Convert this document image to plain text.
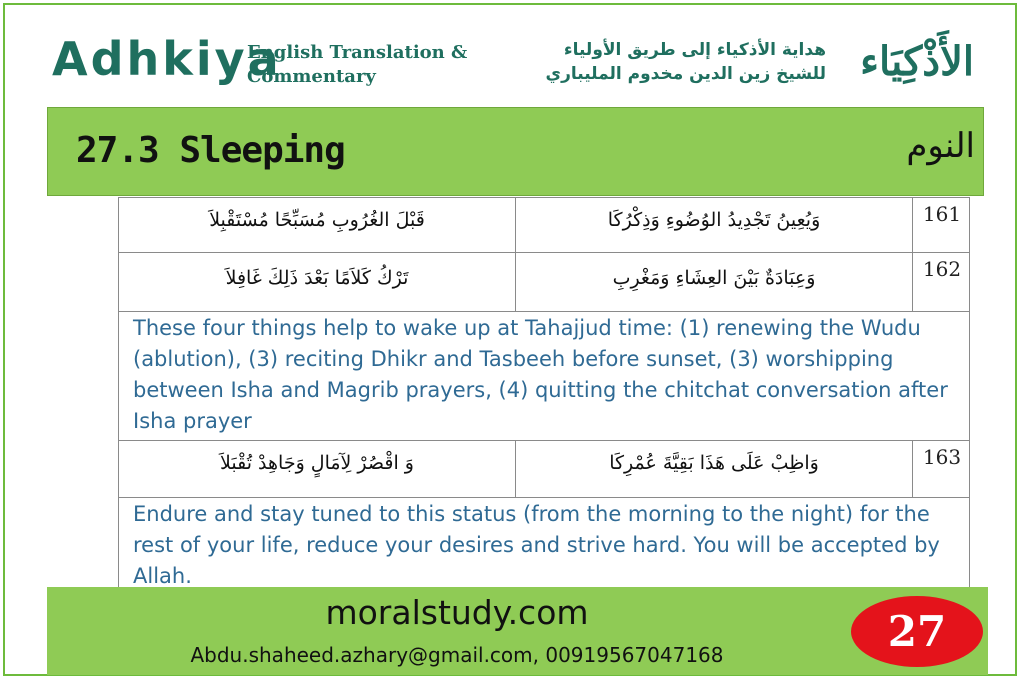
Adhkiya
English Translation &
Commentary
هداية الأذكياء إلى طريق الأولياء
للشيخ زين الدين مخدوم المليباري الأَذْكِيَاء
27.3 Sleeping	النوم
قَبْلَ الغُرُوبِ مُسَبِّحًا مُسْتَقْبِلاَ	وَيُعِينُ تَجْدِيدُ الوُضُوءِ وَذِكْرُكَا	161
تَرْكُ كَلاَمًا بَعْدَ ذَلِكَ غَافِلاَ	وَعِبَادَةٌ بَيْنَ العِشَاءِ وَمَغْرِبِ	162
These four things help to wake up at Tahajjud time: (1) renewing the Wudu (ablution), (3) reciting Dhikr and Tasbeeh before sunset, (3) worshipping between Isha and Magrib prayers, (4) quitting the chitchat conversation after Isha prayer
وَ اقْصُرْ لِآمَالٍ وَجَاهِدْ تُقْبَلاَ	وَاظِبْ عَلَى هَذَا بَقِيَّةَ عُمْرِكَا	163
Endure and stay tuned to this status (from the morning to the night) for the rest of your life, reduce your desires and strive hard. You will be accepted by Allah.
moralstudy.com
Abdu.shaheed.azhary@gmail.com, 00919567047168	27
